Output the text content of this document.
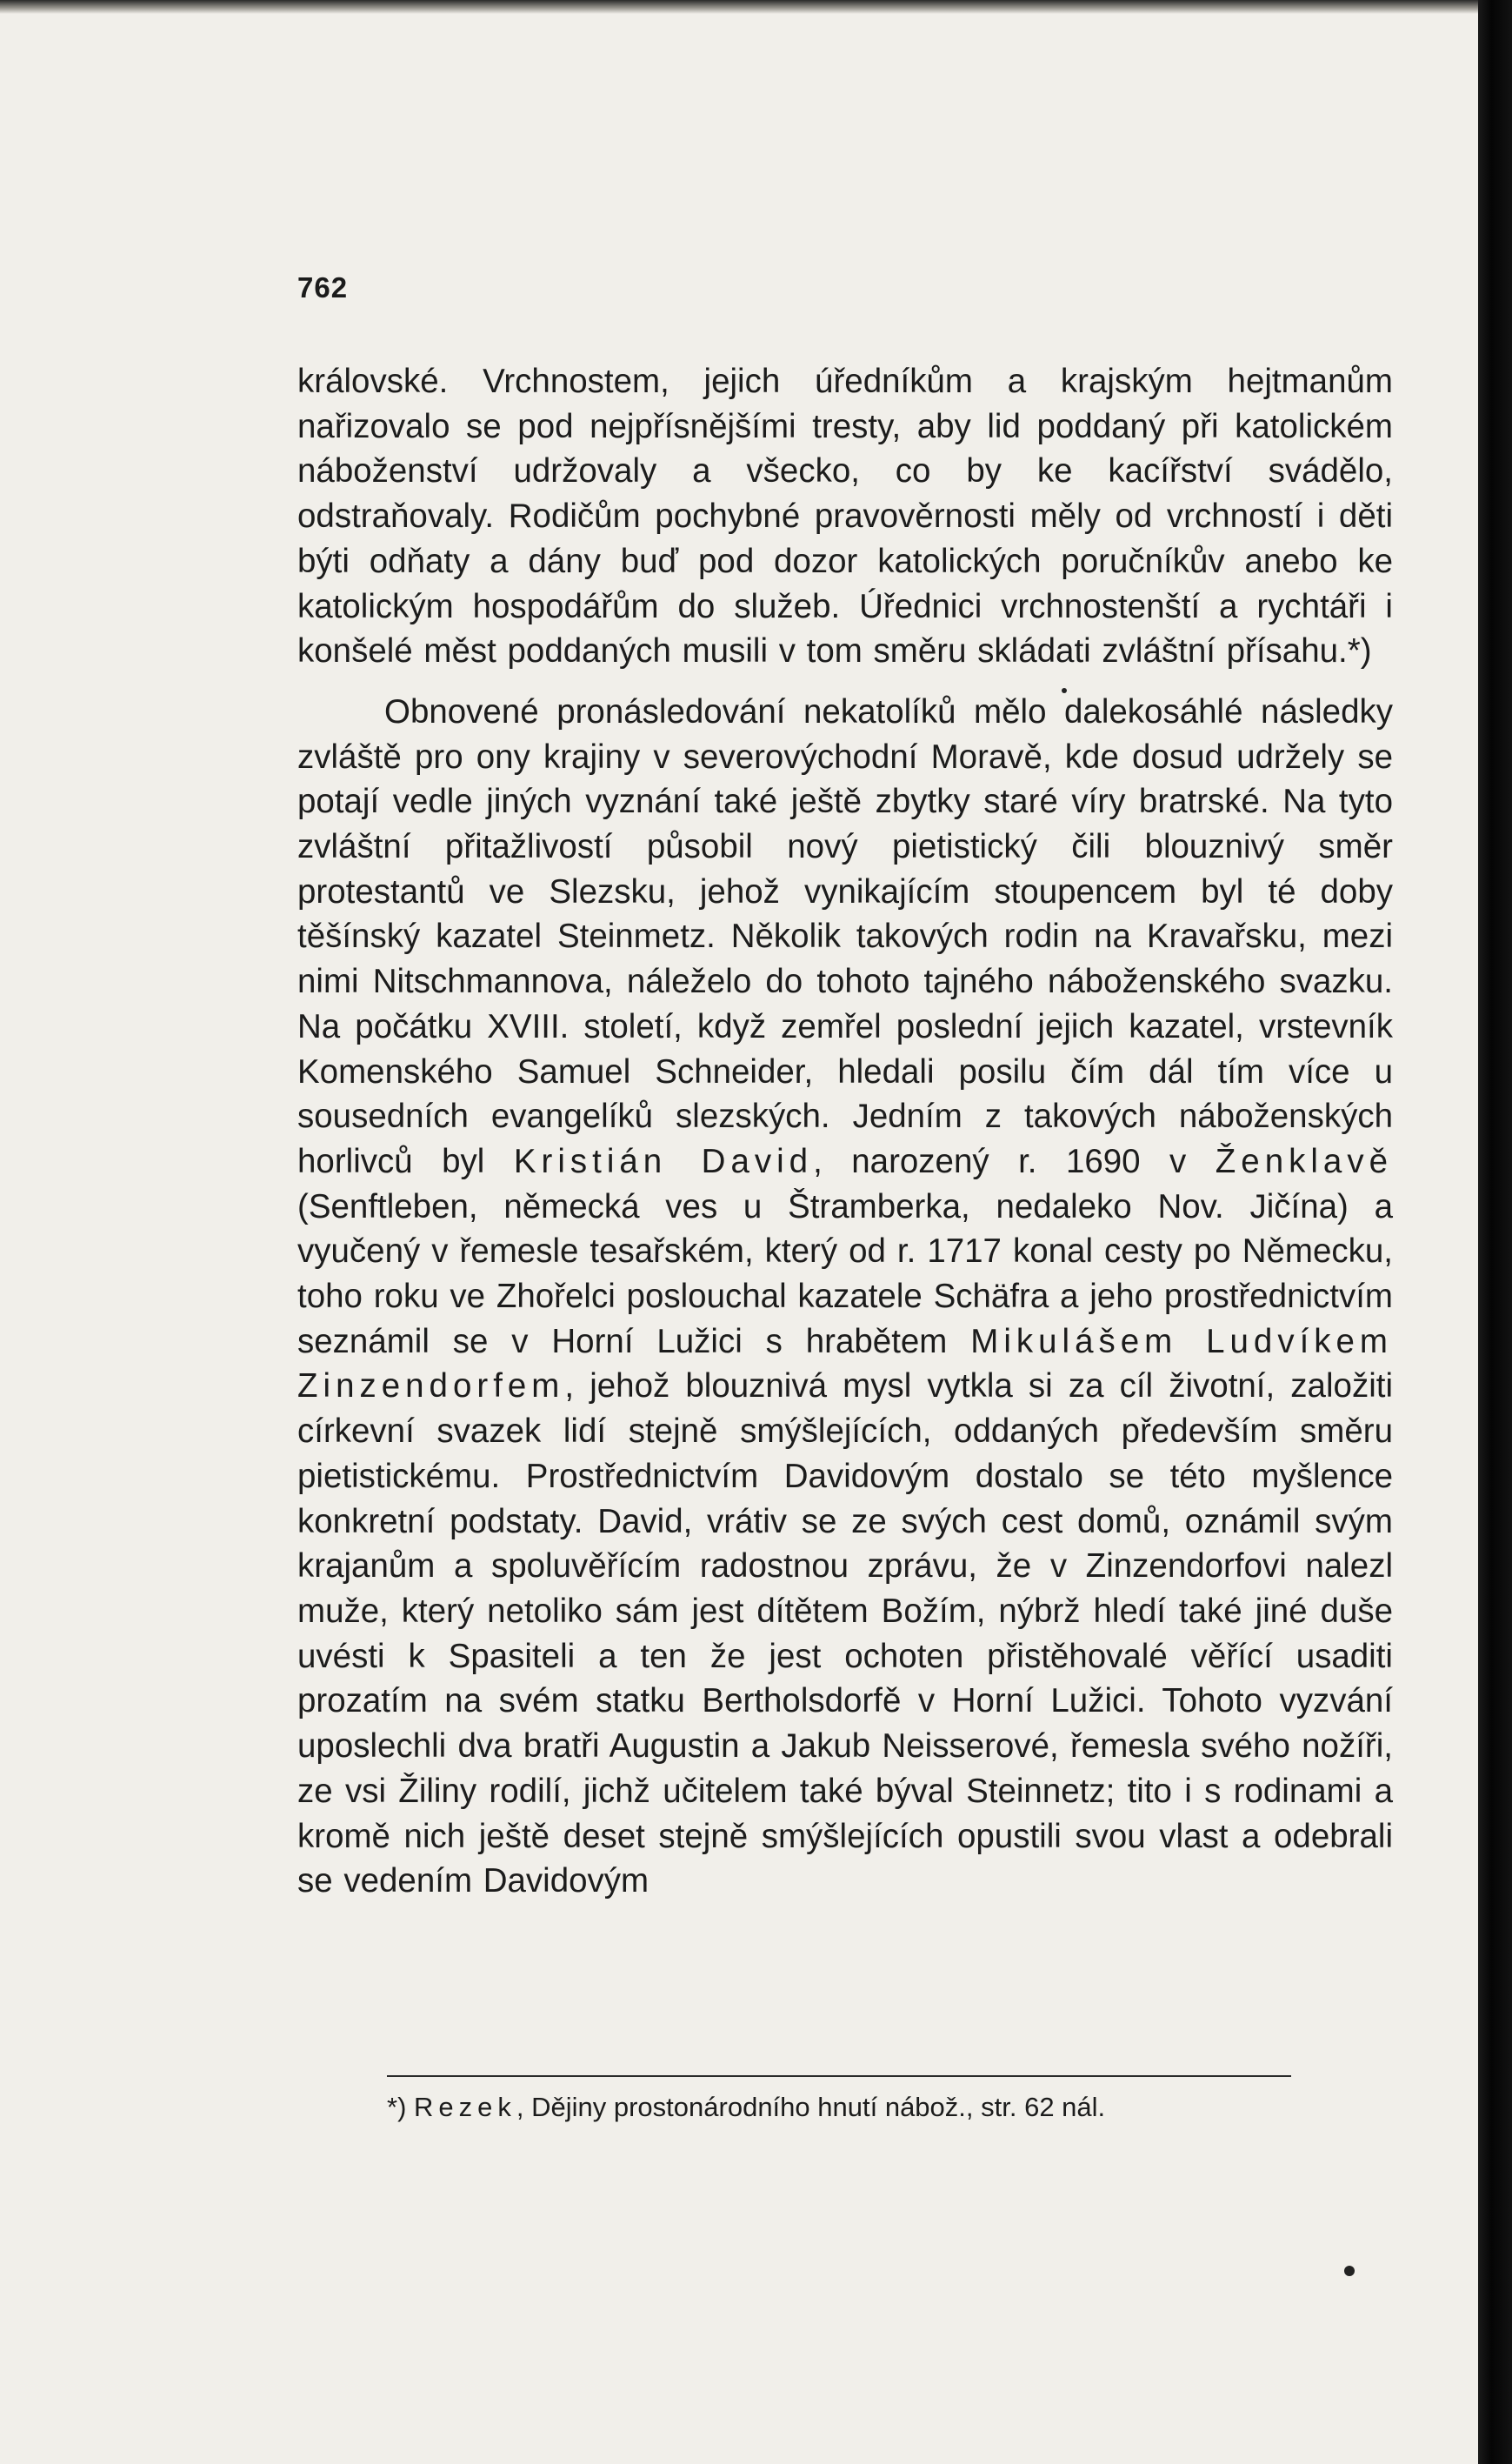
762

královské. Vrchnostem, jejich úředníkům a krajským hejtmanům nařizovalo se pod nejpřísnějšími tresty, aby lid poddaný při katolickém náboženství udržovaly a všecko, co by ke kacířství svádělo, odstraňovaly. Rodičům pochybné pravověrnosti měly od vrchností i děti býti odňaty a dány buď pod dozor katolických poručníkův anebo ke katolickým hospodářům do služeb. Úřednici vrchnostenští a rychtáři i konšelé měst poddaných musili v tom směru skládati zvláštní přísahu.*)

Obnovené pronásledování nekatolíků mělo dalekosáhlé následky zvláště pro ony krajiny v severovýchodní Moravě, kde dosud udržely se potají vedle jiných vyznání také ještě zbytky staré víry bratrské. Na tyto zvláštní přitažlivostí působil nový pietistický čili blouznivý směr protestantů ve Slezsku, jehož vynikajícím stoupencem byl té doby těšínský kazatel Steinmetz. Několik takových rodin na Kravařsku, mezi nimi Nitschmannova, náleželo do tohoto tajného náboženského svazku. Na počátku XVIII. století, když zemřel poslední jejich kazatel, vrstevník Komenského Samuel Schneider, hledali posilu čím dál tím více u sousedních evangelíků slezských. Jedním z takových náboženských horlivců byl Kristián David, narozený r. 1690 v Ženklavě (Senftleben, německá ves u Štramberka, nedaleko Nov. Jičína) a vyučený v řemesle tesařském, který od r. 1717 konal cesty po Německu, toho roku ve Zhořelci poslouchal kazatele Schäfra a jeho prostřednictvím seznámil se v Horní Lužici s hrabětem Mikulášem Ludvíkem Zinzendorfem, jehož blouznivá mysl vytkla si za cíl životní, založiti církevní svazek lidí stejně smýšlejících, oddaných především směru pietistickému. Prostřednictvím Davidovým dostalo se této myšlence konkretní podstaty. David, vrátiv se ze svých cest domů, oznámil svým krajanům a spoluvěřícím radostnou zprávu, že v Zinzendorfovi nalezl muže, který netoliko sám jest dítětem Božím, nýbrž hledí také jiné duše uvésti k Spasiteli a ten že jest ochoten přistěhovalé věřící usaditi prozatím na svém statku Bertholsdorfě v Horní Lužici. Tohoto vyzvání uposlechli dva bratři Augustin a Jakub Neisserové, řemesla svého nožíři, ze vsi Žiliny rodilí, jichž učitelem také býval Steinnetz; tito i s rodinami a kromě nich ještě deset stejně smýšlejících opustili svou vlast a odebrali se vedením Davidovým

*) Rezek, Dějiny prostonárodního hnutí nábož., str. 62 nál.
